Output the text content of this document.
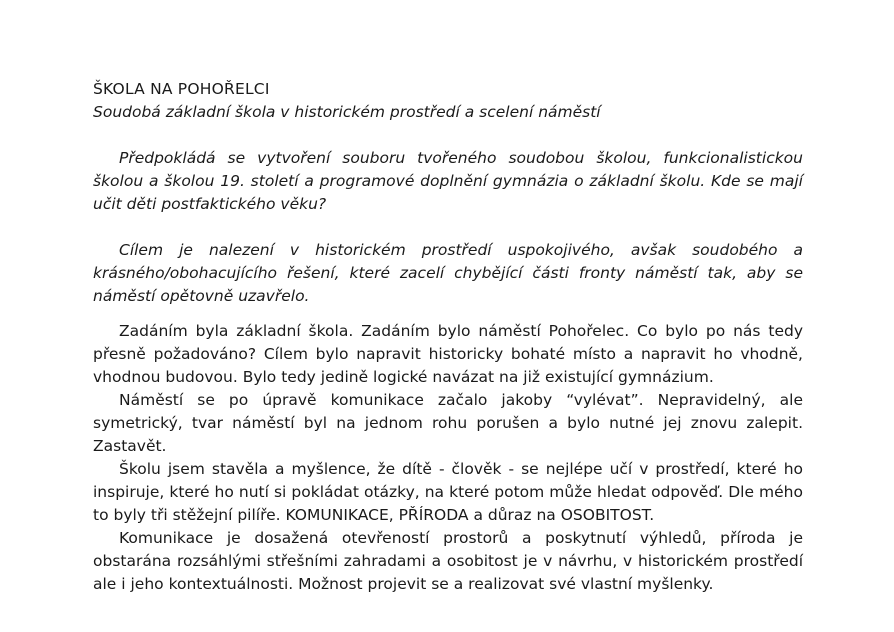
ŠKOLA NA POHOŘELCI

Soudobá základní škola v historickém prostředí a scelení náměstí

Předpokládá se vytvoření souboru tvořeného soudobou školou, funkcionalistickou školou a školou 19. století a programové doplnění gymnázia o základní školu. Kde se mají učit děti postfaktického věku?

Cílem je nalezení v historickém prostředí uspokojivého, avšak soudobého a krásného/obohacujícího řešení, které zacelí chybějící části fronty náměstí tak, aby se náměstí opětovně uzavřelo.

Zadáním byla základní škola. Zadáním bylo náměstí Pohořelec. Co bylo po nás tedy přesně požadováno? Cílem bylo napravit historicky bohaté místo a napravit ho vhodně, vhodnou budovou. Bylo tedy jedině logické navázat na již existující gymnázium.

Náměstí se po úpravě komunikace začalo jakoby “vylévat”. Nepravidelný, ale symetrický, tvar náměstí byl na jednom rohu porušen a bylo nutné jej znovu zalepit. Zastavět.

Školu jsem stavěla a myšlence, že dítě - člověk - se nejlépe učí v prostředí, které ho inspiruje, které ho nutí si pokládat otázky, na které potom může hledat odpověď. Dle mého to byly tři stěžejní pilíře. KOMUNIKACE, PŘÍRODA a důraz na OSOBITOST.

Komunikace je dosažená otevřeností prostorů a poskytnutí výhledů, příroda je obstarána rozsáhlými střešními zahradami a osobitost je v návrhu, v historickém prostředí ale i jeho kontextuálnosti. Možnost projevit se a realizovat své vlastní myšlenky.
